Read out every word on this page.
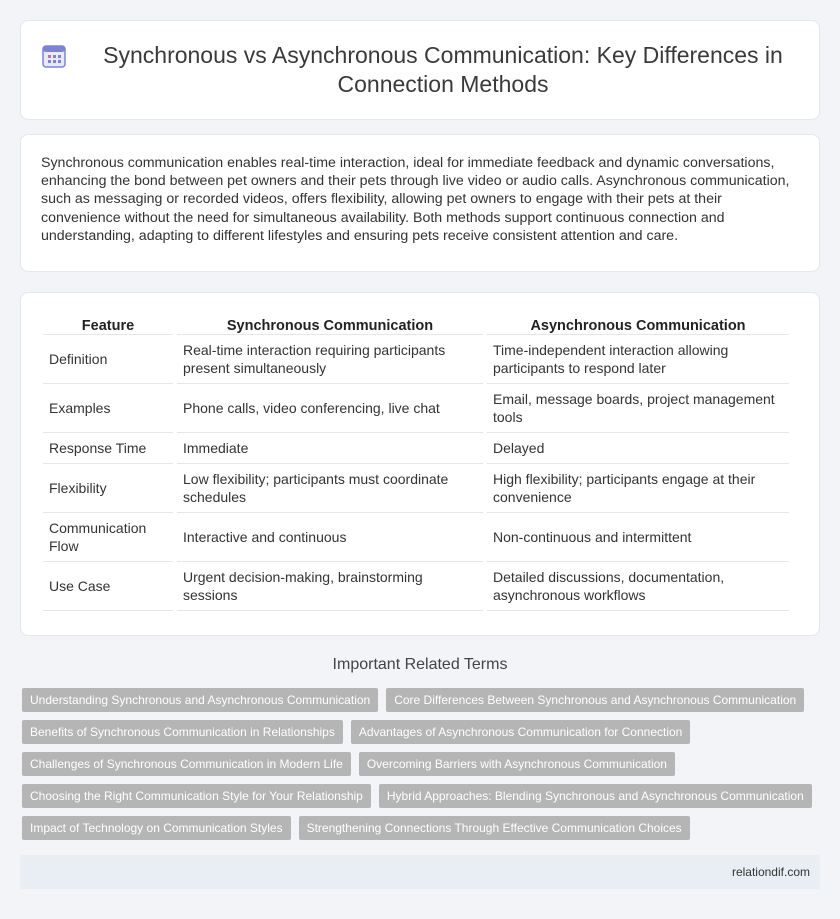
Synchronous vs Asynchronous Communication: Key Differences in Connection Methods

Synchronous communication enables real-time interaction, ideal for immediate feedback and dynamic conversations, enhancing the bond between pet owners and their pets through live video or audio calls. Asynchronous communication, such as messaging or recorded videos, offers flexibility, allowing pet owners to engage with their pets at their convenience without the need for simultaneous availability. Both methods support continuous connection and understanding, adapting to different lifestyles and ensuring pets receive consistent attention and care.

Feature	Synchronous Communication	Asynchronous Communication
Definition	Real-time interaction requiring participants present simultaneously	Time-independent interaction allowing participants to respond later
Examples	Phone calls, video conferencing, live chat	Email, message boards, project management tools
Response Time	Immediate	Delayed
Flexibility	Low flexibility; participants must coordinate schedules	High flexibility; participants engage at their convenience
Communication Flow	Interactive and continuous	Non-continuous and intermittent
Use Case	Urgent decision-making, brainstorming sessions	Detailed discussions, documentation, asynchronous workflows
Important Related Terms
Understanding Synchronous and Asynchronous Communication	Core Differences Between Synchronous and Asynchronous Communication
Benefits of Synchronous Communication in Relationships	Advantages of Asynchronous Communication for Connection
Challenges of Synchronous Communication in Modern Life	Overcoming Barriers with Asynchronous Communication
Choosing the Right Communication Style for Your Relationship	Hybrid Approaches: Blending Synchronous and Asynchronous Communication
Impact of Technology on Communication Styles	Strengthening Connections Through Effective Communication Choices
relationdif.com
